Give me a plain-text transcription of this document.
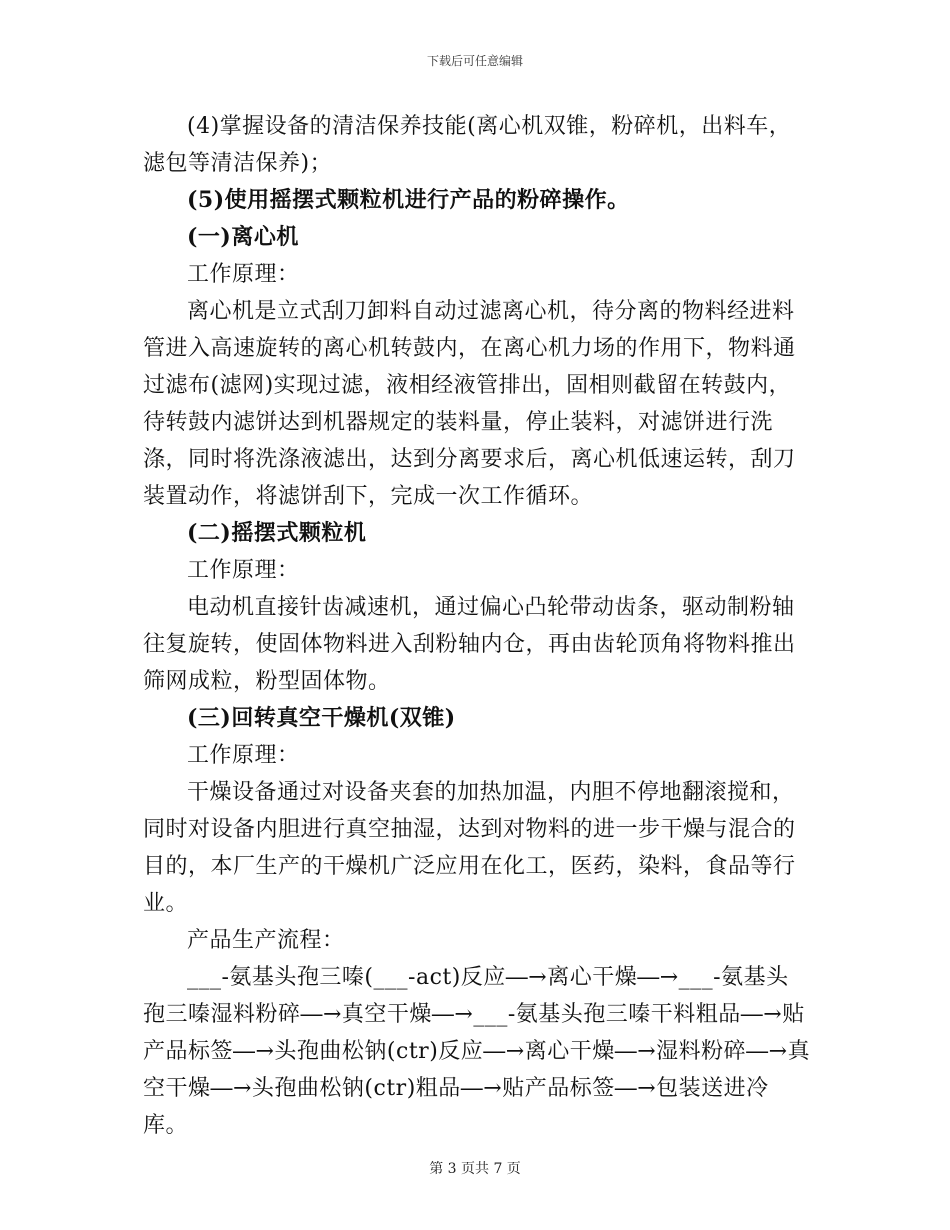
下载后可任意编辑

(4)掌握设备的清洁保养技能(离心机双锥，粉碎机，出料车，滤包等清洁保养)；

(5)使用摇摆式颗粒机进行产品的粉碎操作。

(一)离心机

工作原理：

离心机是立式刮刀卸料自动过滤离心机，待分离的物料经进料管进入高速旋转的离心机转鼓内，在离心机力场的作用下，物料通过滤布(滤网)实现过滤，液相经液管排出，固相则截留在转鼓内，待转鼓内滤饼达到机器规定的装料量，停止装料，对滤饼进行洗涤，同时将洗涤液滤出，达到分离要求后，离心机低速运转，刮刀装置动作，将滤饼刮下，完成一次工作循环。

(二)摇摆式颗粒机

工作原理：

电动机直接针齿减速机，通过偏心凸轮带动齿条，驱动制粉轴往复旋转，使固体物料进入刮粉轴内仓，再由齿轮顶角将物料推出筛网成粒，粉型固体物。

(三)回转真空干燥机(双锥)

工作原理：

干燥设备通过对设备夹套的加热加温，内胆不停地翻滚搅和，同时对设备内胆进行真空抽湿，达到对物料的进一步干燥与混合的目的，本厂生产的干燥机广泛应用在化工，医药，染料，食品等行业。

产品生产流程：

___-氨基头孢三嗪(___-act)反应―→离心干燥―→___-氨基头孢三嗪湿料粉碎―→真空干燥―→___-氨基头孢三嗪干料粗品―→贴产品标签―→头孢曲松钠(ctr)反应―→离心干燥―→湿料粉碎―→真空干燥―→头孢曲松钠(ctr)粗品―→贴产品标签―→包装送进冷库。

第 3 页共 7 页
